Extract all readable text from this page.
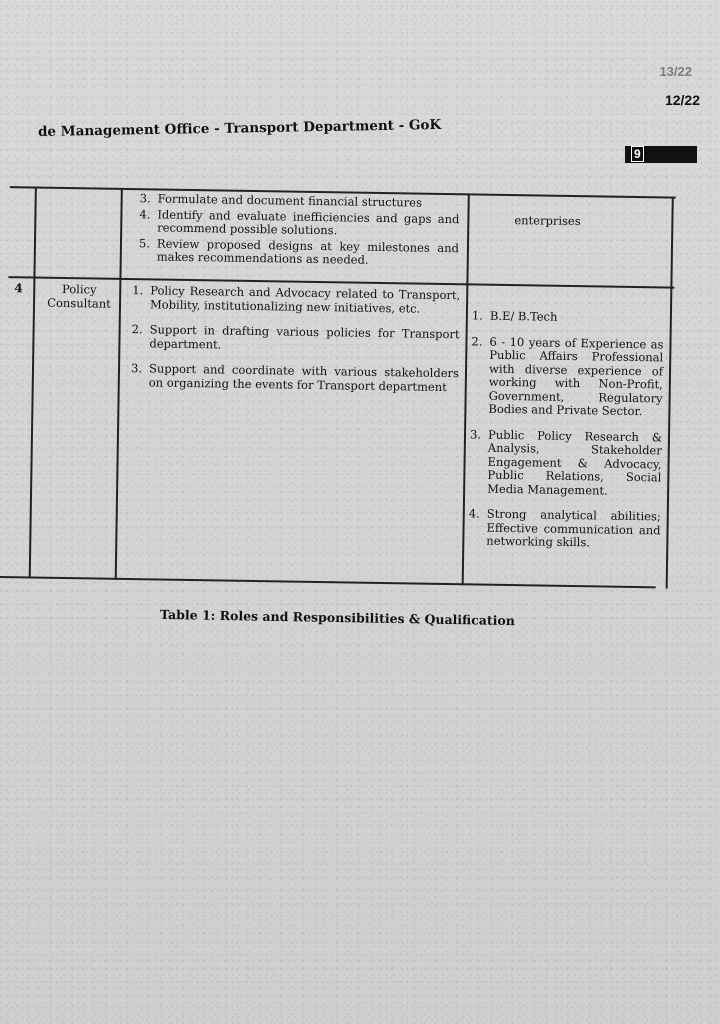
13/22
12/22
de Management Office - Transport Department - GoK
9
3. Formulate and document financial structures
4. Identify and evaluate inefficiencies and gaps and recommend possible solutions.
5. Review proposed designs at key milestones and makes recommendations as needed.
enterprises
4	Policy Consultant
1. Policy Research and Advocacy related to Transport, Mobility, institutionalizing new initiatives, etc.
2. Support in drafting various policies for Transport department.
3. Support and coordinate with various stakeholders on organizing the events for Transport department
1. B.E/ B.Tech
2. 6 - 10 years of Experience as Public Affairs Professional with diverse experience of working with Non-Profit, Government, Regulatory Bodies and Private Sector.
3. Public Policy Research & Analysis, Stakeholder Engagement & Advocacy, Public Relations, Social Media Management.
4. Strong analytical abilities; Effective communication and networking skills.
Table 1: Roles and Responsibilities & Qualification
